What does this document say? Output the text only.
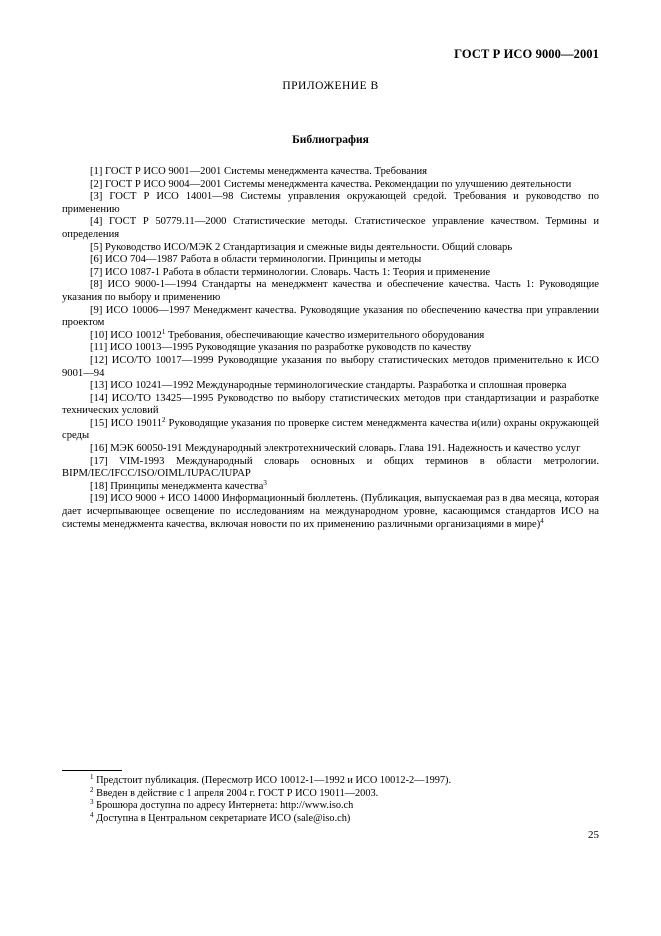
ГОСТ Р ИСО 9000—2001
ПРИЛОЖЕНИЕ В
Библиография

[1] ГОСТ Р ИСО 9001—2001 Системы менеджмента качества. Требования

[2] ГОСТ Р ИСО 9004—2001 Системы менеджмента качества. Рекомендации по улучшению деятельности

[3] ГОСТ Р ИСО 14001—98 Системы управления окружающей средой. Требования и руководство по применению

[4] ГОСТ Р 50779.11—2000 Статистические методы. Статистическое управление качеством. Термины и определения

[5] Руководство ИСО/МЭК 2 Стандартизация и смежные виды деятельности. Общий словарь

[6] ИСО 704—1987 Работа в области терминологии. Принципы и методы

[7] ИСО 1087-1 Работа в области терминологии. Словарь. Часть 1: Теория и применение

[8] ИСО 9000-1—1994 Стандарты на менеджмент качества и обеспечение качества. Часть 1: Руководящие указания по выбору и применению

[9] ИСО 10006—1997 Менеджмент качества. Руководящие указания по обеспечению качества при управлении проектом

[10] ИСО 10012$^1$ Требования, обеспечивающие качество измерительного оборудования

[11] ИСО 10013—1995 Руководящие указания по разработке руководств по качеству

[12] ИСО/ТО 10017—1999 Руководящие указания по выбору статистических методов применительно к ИСО 9001—94

[13] ИСО 10241—1992 Международные терминологические стандарты. Разработка и сплошная проверка

[14] ИСО/ТО 13425—1995 Руководство по выбору статистических методов при стандартизации и разработке технических условий

[15] ИСО 19011$^2$ Руководящие указания по проверке систем менеджмента качества и(или) охраны окружающей среды

[16] МЭК 60050-191 Международный электротехнический словарь. Глава 191. Надежность и качество услуг

[17] VIM-1993 Международный словарь основных и общих терминов в области метрологии. BIPM/IEC/IFCC/ISO/OIML/IUPAC/IUPAP

[18] Принципы менеджмента качества$^3$

[19] ИСО 9000 + ИСО 14000 Информационный бюллетень. (Публикация, выпускаемая раз в два месяца, которая дает исчерпывающее освещение по исследованиям на международном уровне, касающимся стандартов ИСО на системы менеджмента качества, включая новости по их применению различными организациями в мире)$^4$

$^1$ Предстоит публикация. (Пересмотр ИСО 10012-1—1992 и ИСО 10012-2—1997).

$^2$ Введен в действие с 1 апреля 2004 г. ГОСТ Р ИСО 19011—2003.

$^3$ Брошюра доступна по адресу Интернета: http://www.iso.ch

$^4$ Доступна в Центральном секретариате ИСО (sale@iso.ch)

25
